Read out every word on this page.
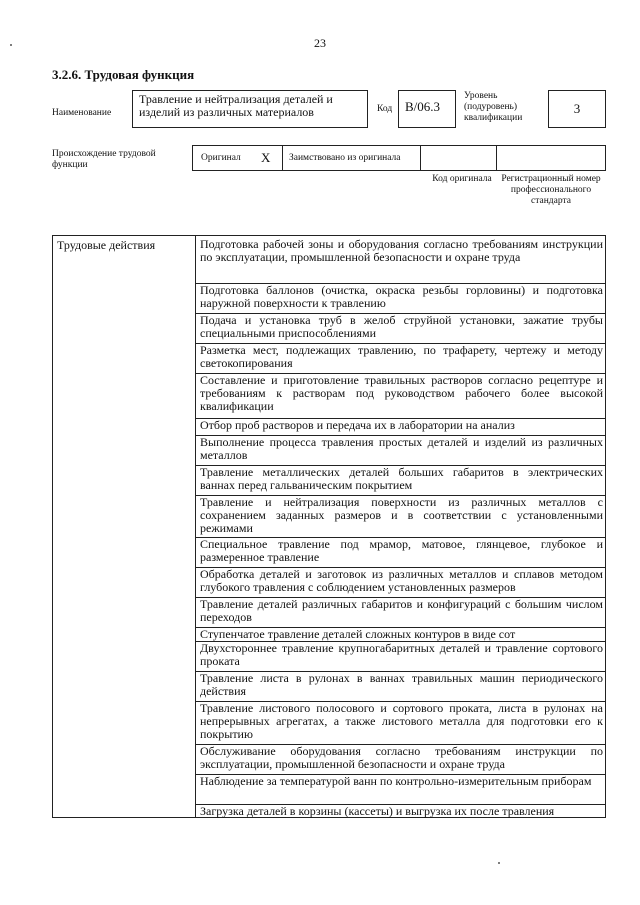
23
3.2.6. Трудовая функция
Наименование
Травление и нейтрализация деталей и изделий из различных материалов	Код B/06.3
Уровень (подуровень) квалификации
3
Происхождение трудовой функции
Оригинал X Заимствовано из оригинала
Код оригинала	Регистрационный номер профессионального стандарта
Трудовые действия	Подготовка рабочей зоны и оборудования согласно требованиям инструкции по эксплуатации, промышленной безопасности и охране труда
Подготовка баллонов (очистка, окраска резьбы горловины) и подготовка наружной поверхности к травлению
Подача и установка труб в желоб струйной установки, зажатие трубы специальными приспособлениями
Разметка мест, подлежащих травлению, по трафарету, чертежу и методу светокопирования
Составление и приготовление травильных растворов согласно рецептуре и требованиям к растворам под руководством рабочего более высокой квалификации
Отбор проб растворов и передача их в лаборатории на анализ
Выполнение процесса травления простых деталей и изделий из различных металлов
Травление металлических деталей больших габаритов в электрических ваннах перед гальваническим покрытием
Травление и нейтрализация поверхности из различных металлов с сохранением заданных размеров и в соответствии с установленными режимами
Специальное травление под мрамор, матовое, глянцевое, глубокое и размеренное травление
Обработка деталей и заготовок из различных металлов и сплавов методом глубокого травления с соблюдением установленных размеров
Травление деталей различных габаритов и конфигураций с большим числом переходов
Ступенчатое травление деталей сложных контуров в виде сот
Двухстороннее травление крупногабаритных деталей и травление сортового проката
Травление листа в рулонах в ваннах травильных машин периодического действия
Травление листового полосового и сортового проката, листа в рулонах на непрерывных агрегатах, а также листового металла для подготовки его к покрытию
Обслуживание оборудования согласно требованиям инструкции по эксплуатации, промышленной безопасности и охране труда
Наблюдение за температурой ванн по контрольно-измерительным приборам
Загрузка деталей в корзины (кассеты) и выгрузка их после травления
